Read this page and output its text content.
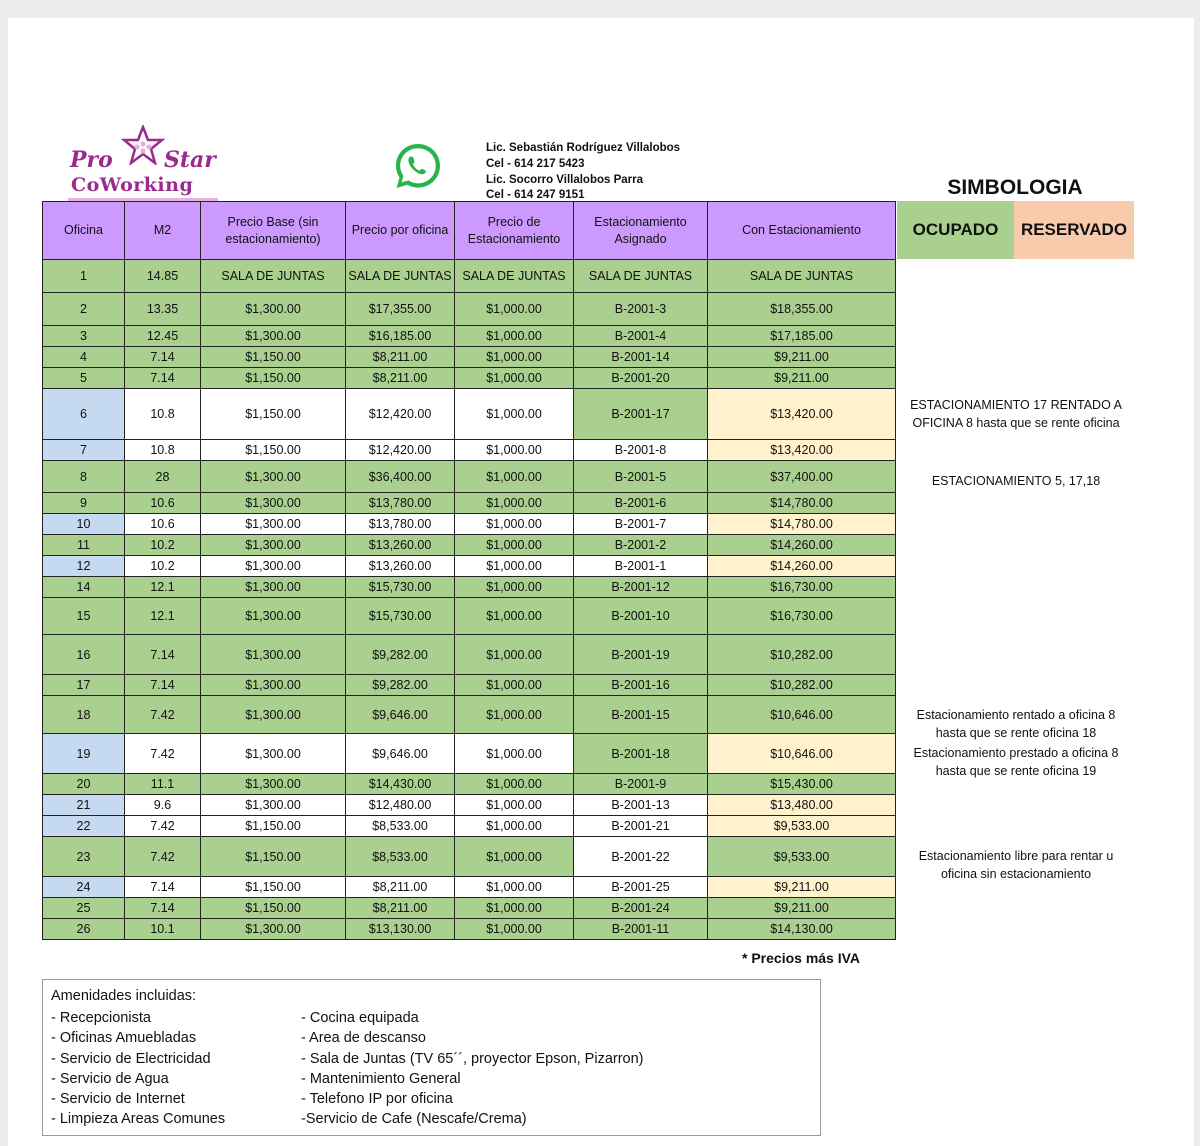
Pro Star
CoWorking
Lic. Sebastián Rodríguez Villalobos
Cel - 614 217 5423
Lic. Socorro Villalobos Parra
Cel - 614 247 9151	SIMBOLOGIA
OCUPADO	RESERVADO
Oficina	M2	Precio Base (sin estacionamiento)	Precio por oficina	Precio de Estacionamiento	Estacionamiento Asignado	Con Estacionamiento
1	14.85	SALA DE JUNTAS	SALA DE JUNTAS	SALA DE JUNTAS	SALA DE JUNTAS	SALA DE JUNTAS
2	13.35	$1,300.00	$17,355.00	$1,000.00	B-2001-3	$18,355.00
3	12.45	$1,300.00	$16,185.00	$1,000.00	B-2001-4	$17,185.00
4	7.14	$1,150.00	$8,211.00	$1,000.00	B-2001-14	$9,211.00
5	7.14	$1,150.00	$8,211.00	$1,000.00	B-2001-20	$9,211.00
6	10.8	$1,150.00	$12,420.00	$1,000.00	B-2001-17	$13,420.00
7	10.8	$1,150.00	$12,420.00	$1,000.00	B-2001-8	$13,420.00
8	28	$1,300.00	$36,400.00	$1,000.00	B-2001-5	$37,400.00
9	10.6	$1,300.00	$13,780.00	$1,000.00	B-2001-6	$14,780.00
10	10.6	$1,300.00	$13,780.00	$1,000.00	B-2001-7	$14,780.00
11	10.2	$1,300.00	$13,260.00	$1,000.00	B-2001-2	$14,260.00
12	10.2	$1,300.00	$13,260.00	$1,000.00	B-2001-1	$14,260.00
14	12.1	$1,300.00	$15,730.00	$1,000.00	B-2001-12	$16,730.00
15	12.1	$1,300.00	$15,730.00	$1,000.00	B-2001-10	$16,730.00
16	7.14	$1,300.00	$9,282.00	$1,000.00	B-2001-19	$10,282.00
17	7.14	$1,300.00	$9,282.00	$1,000.00	B-2001-16	$10,282.00
18	7.42	$1,300.00	$9,646.00	$1,000.00	B-2001-15	$10,646.00
19	7.42	$1,300.00	$9,646.00	$1,000.00	B-2001-18	$10,646.00
20	11.1	$1,300.00	$14,430.00	$1,000.00	B-2001-9	$15,430.00
21	9.6	$1,300.00	$12,480.00	$1,000.00	B-2001-13	$13,480.00
22	7.42	$1,150.00	$8,533.00	$1,000.00	B-2001-21	$9,533.00
23	7.42	$1,150.00	$8,533.00	$1,000.00	B-2001-22	$9,533.00
24	7.14	$1,150.00	$8,211.00	$1,000.00	B-2001-25	$9,211.00
25	7.14	$1,150.00	$8,211.00	$1,000.00	B-2001-24	$9,211.00
26	10.1	$1,300.00	$13,130.00	$1,000.00	B-2001-11	$14,130.00
ESTACIONAMIENTO 17 RENTADO A
OFICINA 8 hasta que se rente oficina
ESTACIONAMIENTO 5, 17,18
Estacionamiento rentado a oficina 8
hasta que se rente oficina 18
Estacionamiento prestado a oficina 8
hasta que se rente oficina 19
Estacionamiento libre para rentar u
oficina sin estacionamiento
* Precios más IVA
Amenidades incluidas:
- Recepcionista
- Oficinas Amuebladas
- Servicio de Electricidad
- Servicio de Agua
- Servicio de Internet
- Limpieza Areas Comunes
- Cocina equipada
- Area de descanso
- Sala de Juntas (TV 65´´, proyector Epson, Pizarron)
- Mantenimiento General
- Telefono IP por oficina
-Servicio de Cafe (Nescafe/Crema)
